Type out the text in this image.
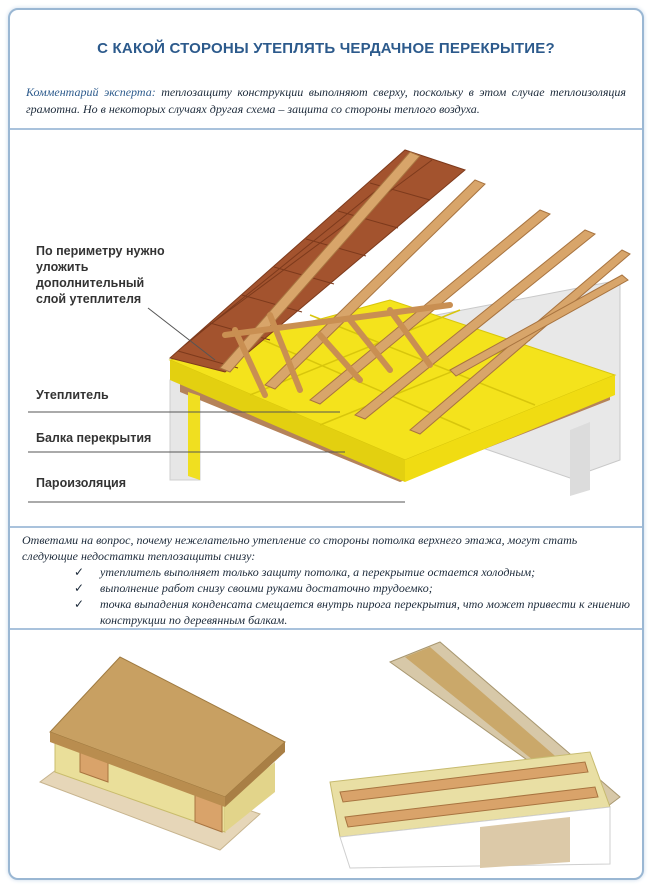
С КАКОЙ СТОРОНЫ УТЕПЛЯТЬ ЧЕРДАЧНОЕ ПЕРЕКРЫТИЕ?
Комментарий эксперта: теплозащиту конструкции выполняют сверху, поскольку в этом случае теплоизоляция грамотна. Но в некоторых случаях другая схема – защита со стороны теплого воздуха.
По периметру нужно
уложить
дополнительный
слой утеплителя
Утеплитель
Балка перекрытия
Пароизоляция
Ответами на вопрос, почему нежелательно утепление со стороны потолка верхнего этажа, могут стать следующие недостатки теплозащиты снизу:
✓ утеплитель выполняет только защиту потолка, а перекрытие остается холодным;
✓ выполнение работ снизу своими руками достаточно трудоемко;
✓ точка выпадения конденсата смещается внутрь пирога перекрытия, что может привести к гниению конструкции по деревянным балкам.
